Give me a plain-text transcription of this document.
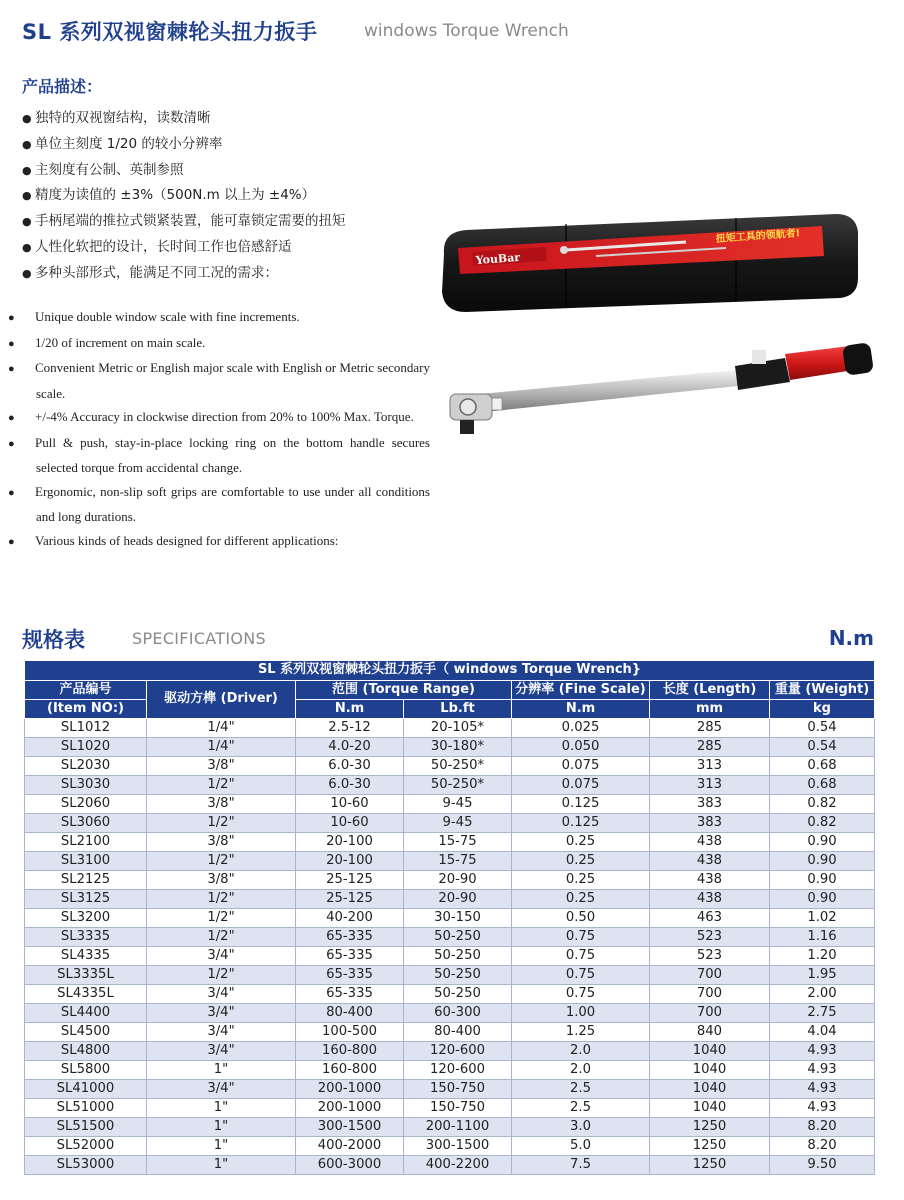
SL 系列双视窗棘轮头扭力扳手	windows Torque Wrench
产品描述：
● 独特的双视窗结构，读数清晰
● 单位主刻度 1/20 的较小分辨率
● 主刻度有公制、英制参照
● 精度为读值的 ±3%（500N.m 以上为 ±4%）
● 手柄尾端的推拉式锁紧装置，能可靠锁定需要的扭矩
● 人性化软把的设计，长时间工作也倍感舒适
● 多种头部形式，能满足不同工况的需求：
● Unique double window scale with fine increments.
● 1/20 of increment on main scale.
● Convenient Metric or English major scale with English or Metric secondary scale.
● +/-4% Accuracy in clockwise direction from 20% to 100% Max. Torque.
● Pull & push, stay-in-place locking ring on the bottom handle secures selected torque from accidental change.
● Ergonomic, non-slip soft grips are comfortable to use under all conditions and long durations.
● Various kinds of heads designed for different applications:
YouBar
扭矩工具的领航者!
规格表	SPECIFICATIONS	N.m
SL 系列双视窗棘轮头扭力扳手（ windows Torque Wrench}						
产品编号	驱动方榫 (Driver)	范围 (Torque Range)		分辨率 (Fine Scale)	长度 (Length)	重量 (Weight)
(Item NO:)		N.m	Lb.ft	N.m	mm	kg
SL1012	1/4"	2.5-12	20-105*	0.025	285	0.54
SL1020	1/4"	4.0-20	30-180*	0.050	285	0.54
SL2030	3/8"	6.0-30	50-250*	0.075	313	0.68
SL3030	1/2"	6.0-30	50-250*	0.075	313	0.68
SL2060	3/8"	10-60	9-45	0.125	383	0.82
SL3060	1/2"	10-60	9-45	0.125	383	0.82
SL2100	3/8"	20-100	15-75	0.25	438	0.90
SL3100	1/2"	20-100	15-75	0.25	438	0.90
SL2125	3/8"	25-125	20-90	0.25	438	0.90
SL3125	1/2"	25-125	20-90	0.25	438	0.90
SL3200	1/2"	40-200	30-150	0.50	463	1.02
SL3335	1/2"	65-335	50-250	0.75	523	1.16
SL4335	3/4"	65-335	50-250	0.75	523	1.20
SL3335L	1/2"	65-335	50-250	0.75	700	1.95
SL4335L	3/4"	65-335	50-250	0.75	700	2.00
SL4400	3/4"	80-400	60-300	1.00	700	2.75
SL4500	3/4"	100-500	80-400	1.25	840	4.04
SL4800	3/4"	160-800	120-600	2.0	1040	4.93
SL5800	1"	160-800	120-600	2.0	1040	4.93
SL41000	3/4"	200-1000	150-750	2.5	1040	4.93
SL51000	1"	200-1000	150-750	2.5	1040	4.93
SL51500	1"	300-1500	200-1100	3.0	1250	8.20
SL52000	1"	400-2000	300-1500	5.0	1250	8.20
SL53000	1"	600-3000	400-2200	7.5	1250	9.50
